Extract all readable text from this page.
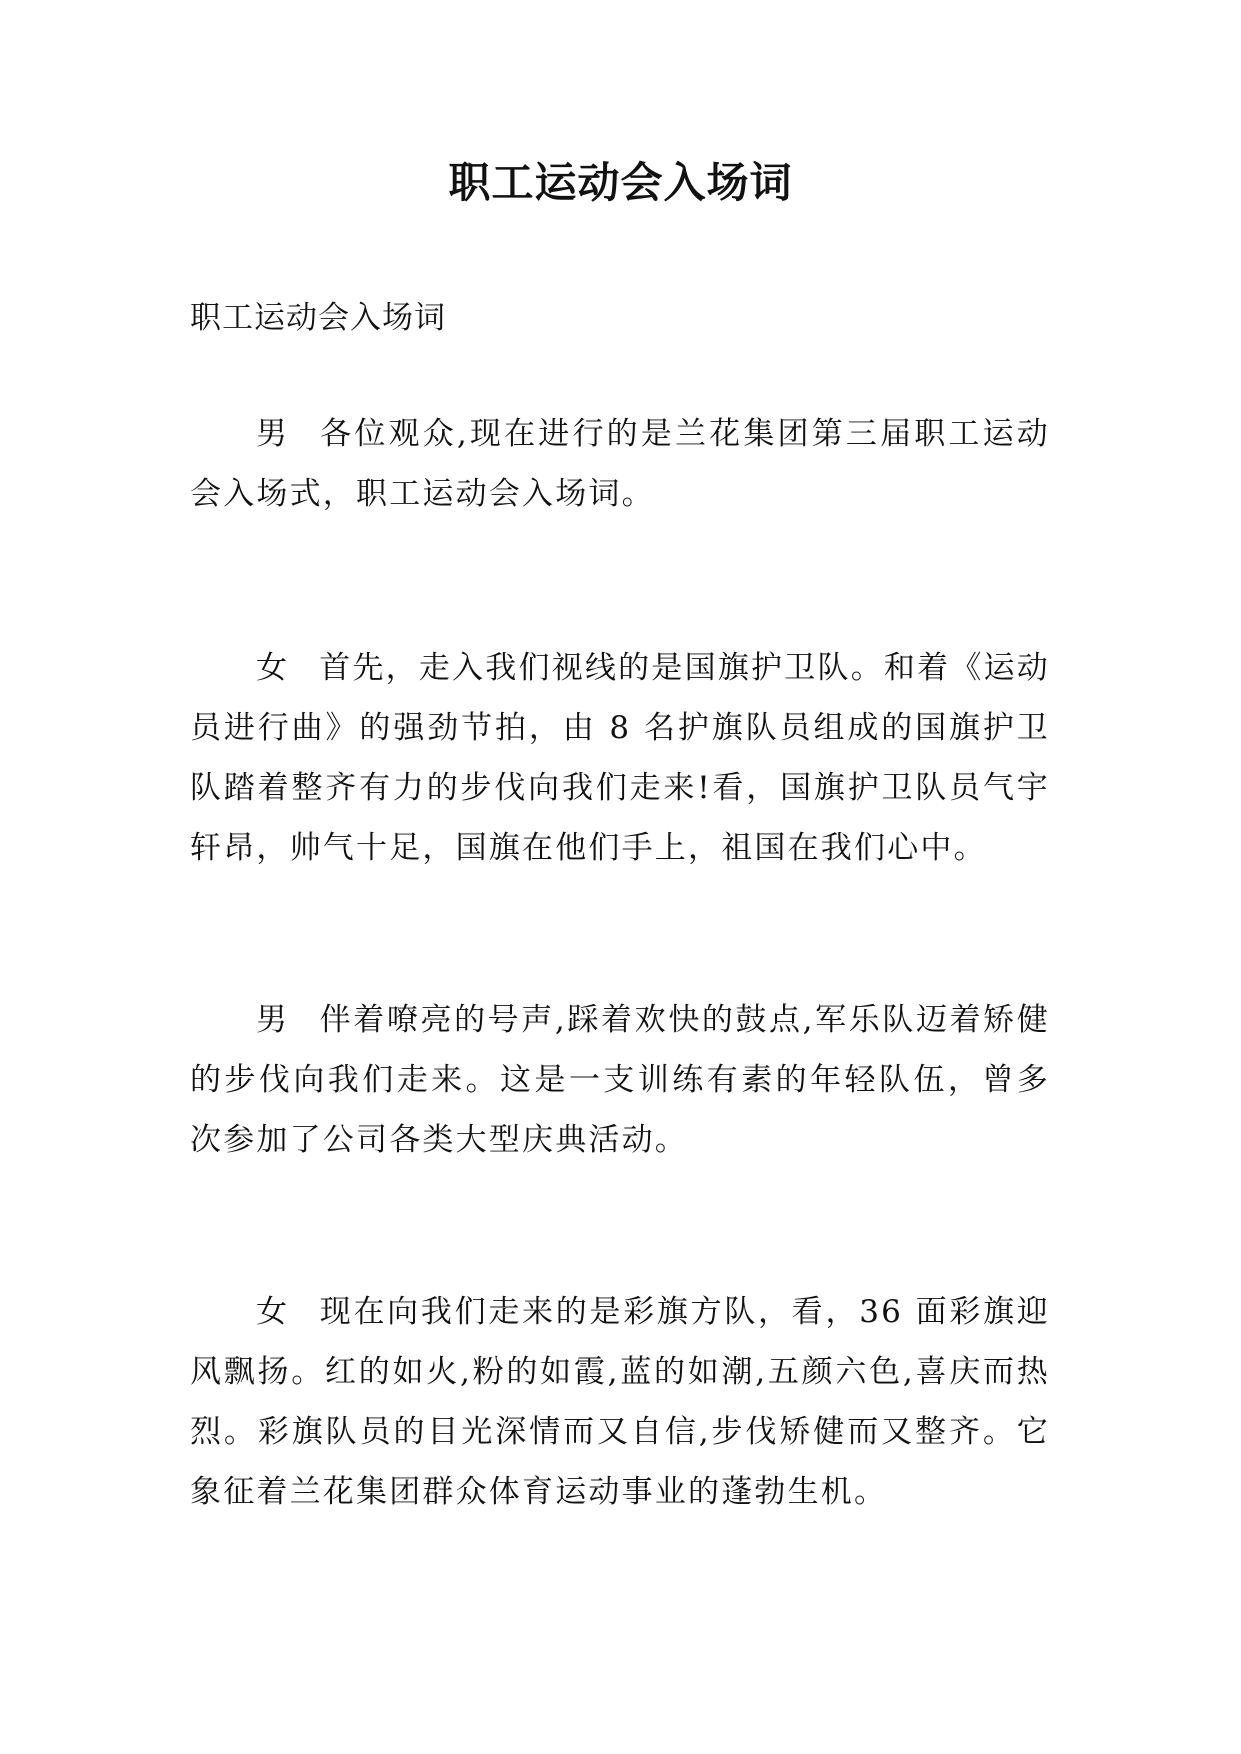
职工运动会入场词

职工运动会入场词

男 各位观众,现在进行的是兰花集团第三届职工运动会入场式，职工运动会入场词。

女 首先，走入我们视线的是国旗护卫队。和着《运动员进行曲》的强劲节拍，由 8 名护旗队员组成的国旗护卫队踏着整齐有力的步伐向我们走来!看，国旗护卫队员气宇轩昂，帅气十足，国旗在他们手上，祖国在我们心中。

男 伴着嘹亮的号声,踩着欢快的鼓点,军乐队迈着矫健的步伐向我们走来。这是一支训练有素的年轻队伍，曾多次参加了公司各类大型庆典活动。

女 现在向我们走来的是彩旗方队，看，36 面彩旗迎风飘扬。红的如火,粉的如霞,蓝的如潮,五颜六色,喜庆而热烈。彩旗队员的目光深情而又自信,步伐矫健而又整齐。它象征着兰花集团群众体育运动事业的蓬勃生机。
